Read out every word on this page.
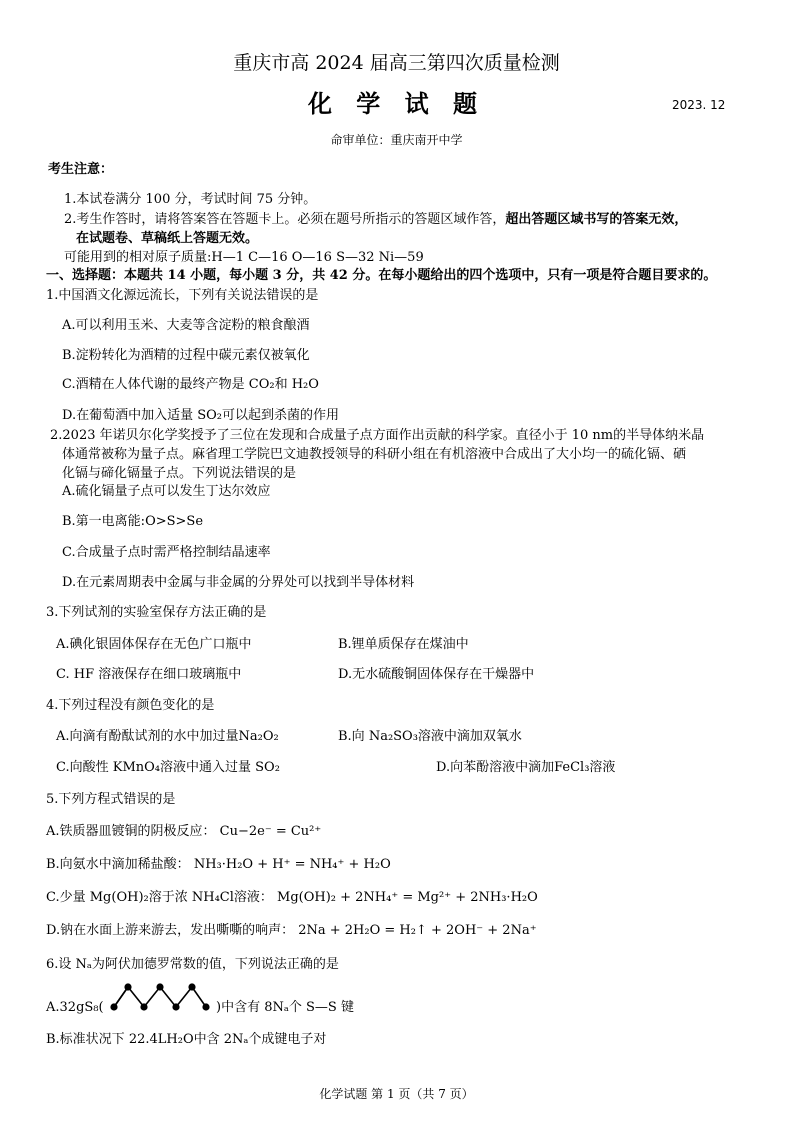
重庆市高 2024 届高三第四次质量检测
化 学 试 题	2023. 12
命审单位：重庆南开中学
考生注意：
1.本试卷满分 100 分，考试时间 75 分钟。
2.考生作答时，请将答案答在答题卡上。必须在题号所指示的答题区域作答，超出答题区域书写的答案无效，
在试题卷、草稿纸上答题无效。
可能用到的相对原子质量:H—1 C—16 O—16 S—32 Ni—59
一、选择题：本题共 14 小题，每小题 3 分，共 42 分。在每小题给出的四个选项中，只有一项是符合题目要求的。
1.中国酒文化源远流长，下列有关说法错误的是
A.可以利用玉米、大麦等含淀粉的粮食酿酒
B.淀粉转化为酒精的过程中碳元素仅被氧化
C.酒精在人体代谢的最终产物是 CO₂和 H₂O
D.在葡萄酒中加入适量 SO₂可以起到杀菌的作用
2.2023 年诺贝尔化学奖授予了三位在发现和合成量子点方面作出贡献的科学家。直径小于 10 nm的半导体纳米晶
体通常被称为量子点。麻省理工学院巴文迪教授领导的科研小组在有机溶液中合成出了大小均一的硫化镉、硒
化镉与碲化镉量子点。下列说法错误的是
A.硫化镉量子点可以发生丁达尔效应
B.第一电离能:O>S>Se
C.合成量子点时需严格控制结晶速率
D.在元素周期表中金属与非金属的分界处可以找到半导体材料
3.下列试剂的实验室保存方法正确的是
A.碘化银固体保存在无色广口瓶中	B.锂单质保存在煤油中
C. HF 溶液保存在细口玻璃瓶中	D.无水硫酸铜固体保存在干燥器中
4.下列过程没有颜色变化的是
A.向滴有酚酞试剂的水中加过量Na₂O₂	B.向 Na₂SO₃溶液中滴加双氧水
C.向酸性 KMnO₄溶液中通入过量 SO₂	D.向苯酚溶液中滴加FeCl₃溶液
5.下列方程式错误的是
A.铁质器皿镀铜的阴极反应： Cu−2e⁻ = Cu²⁺
B.向氨水中滴加稀盐酸： NH₃·H₂O + H⁺ = NH₄⁺ + H₂O
C.少量 Mg(OH)₂溶于浓 NH₄Cl溶液： Mg(OH)₂ + 2NH₄⁺ = Mg²⁺ + 2NH₃·H₂O
D.钠在水面上游来游去，发出嘶嘶的响声： 2Na + 2H₂O = H₂↑ + 2OH⁻ + 2Na⁺
6.设 Nₐ为阿伏加德罗常数的值，下列说法正确的是
A.32gS₈(	)中含有 8Nₐ个 S—S 键
B.标准状况下 22.4LH₂O中含 2Nₐ个成键电子对
化学试题 第 1 页（共 7 页）
